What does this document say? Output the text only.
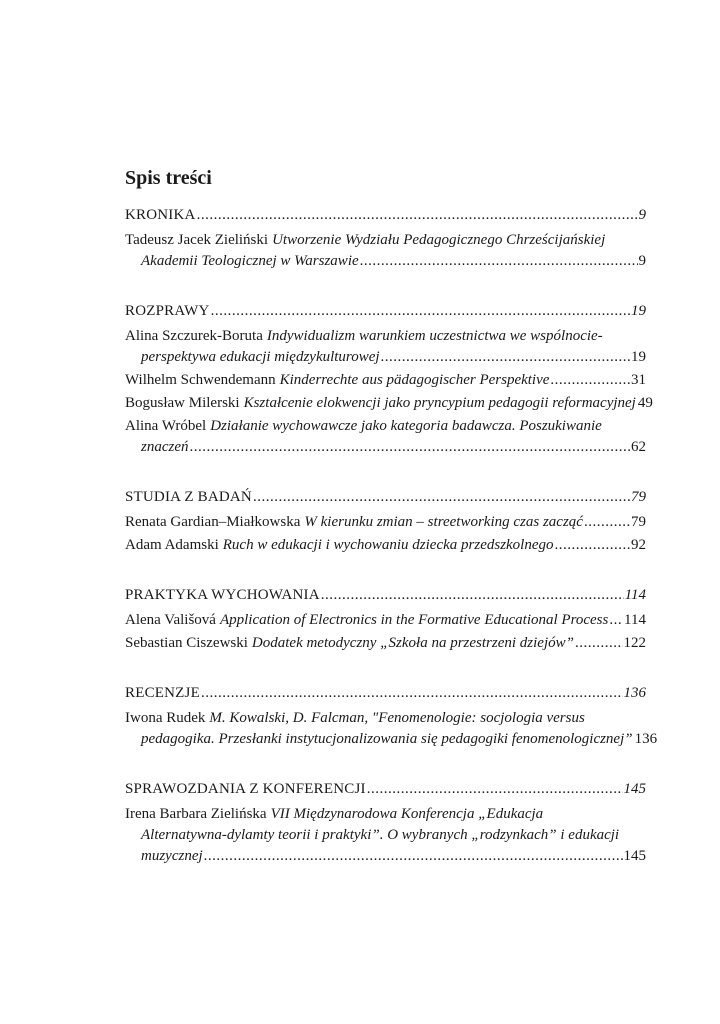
Spis treści
KRONIKA .....	9
Tadeusz Jacek Zieliński Utworzenie Wydziału Pedagogicznego Chrześcijańskiej
Akademii Teologicznej w Warszawie .....	9
ROZPRAWY .....	19
Alina Szczurek-Boruta Indywidualizm warunkiem uczestnictwa we wspólnocie-
perspektywa edukacji międzykulturowej .....	19
Wilhelm Schwendemann Kinderrechte aus pädagogischer Perspektive .....	31
Bogusław Milerski Kształcenie elokwencji jako pryncypium pedagogii reformacyjnej 49
Alina Wróbel Działanie wychowawcze jako kategoria badawcza. Poszukiwanie
znaczeń .....	62
STUDIA Z BADAŃ .....	79
Renata Gardian–Miałkowska W kierunku zmian – streetworking czas zacząć .....	79
Adam Adamski Ruch w edukacji i wychowaniu dziecka przedszkolnego .....	92
PRAKTYKA WYCHOWANIA .....	114
Alena Vališová Application of Electronics in the Formative Educational Process ..... 114
Sebastian Ciszewski Dodatek metodyczny „Szkoła na przestrzeni dziejów” .....	122
RECENZJE .....	136
Iwona Rudek M. Kowalski, D. Falcman, "Fenomenologie: socjologia versus
pedagogika. Przesłanki instytucjonalizowania się pedagogiki fenomenologicznej” 136
SPRAWOZDANIA Z KONFERENCJI .....	145
Irena Barbara Zielińska VII Międzynarodowa Konferencja „Edukacja
Alternatywna-dylamty teorii i praktyki”. O wybranych „rodzynkach” i edukacji
muzycznej .....	145
